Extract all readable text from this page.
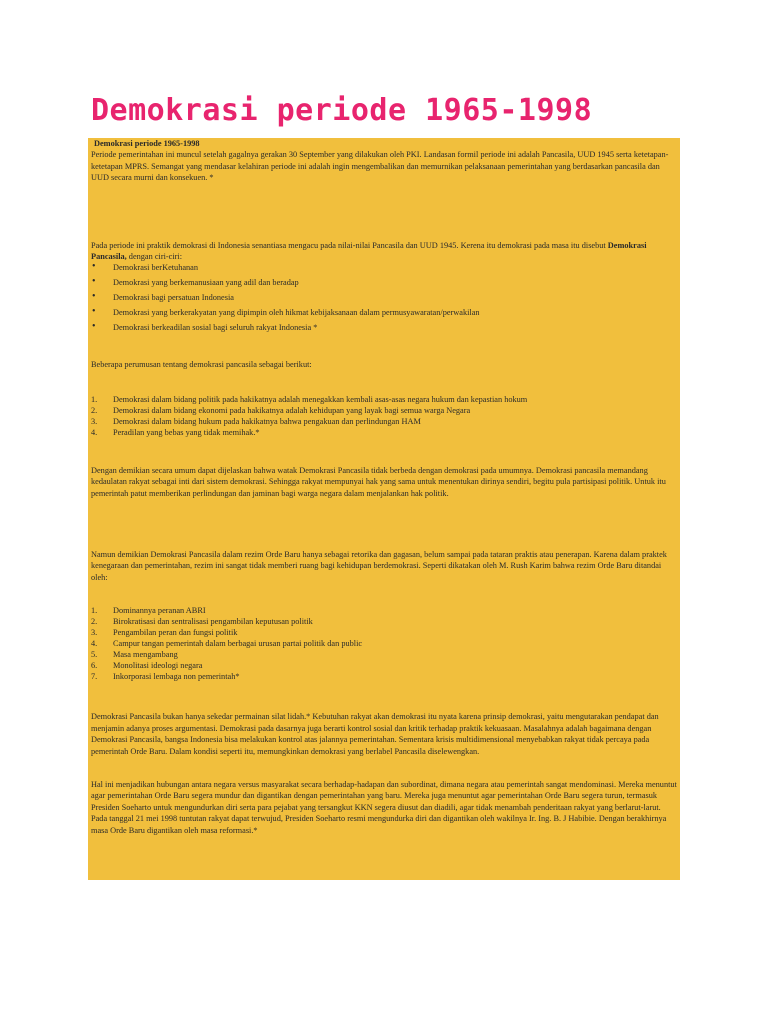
Demokrasi periode 1965-1998

Demokrasi periode 1965-1998

Periode pemerintahan ini muncul setelah gagalnya gerakan 30 September yang dilakukan oleh PKI. Landasan formil periode ini adalah Pancasila, UUD 1945 serta ketetapan-ketetapan MPRS. Semangat yang mendasar kelahiran periode ini adalah ingin mengembalikan dan memurnikan pelaksanaan pemerintahan yang berdasarkan pancasila dan UUD secara murni dan konsekuen. *

Pada periode ini praktik demokrasi di Indonesia senantiasa mengacu pada nilai-nilai Pancasila dan UUD 1945. Kerena itu demokrasi pada masa itu disebut Demokrasi Pancasila, dengan ciri-ciri:

• Demokrasi berKetuhanan
• Demokrasi yang berkemanusiaan yang adil dan beradap
• Demokrasi bagi persatuan Indonesia
• Demokrasi yang berkerakyatan yang dipimpin oleh hikmat kebijaksanaan dalam permusyawaratan/perwakilan
• Demokrasi berkeadilan sosial bagi seluruh rakyat Indonesia *

Beberapa perumusan tentang demokrasi pancasila sebagai berikut:

1. Demokrasi dalam bidang politik pada hakikatnya adalah menegakkan kembali asas-asas negara hukum dan kepastian hokum
2. Demokrasi dalam bidang ekonomi pada hakikatnya adalah kehidupan yang layak bagi semua warga Negara
3. Demokrasi dalam bidang hukum pada hakikatnya bahwa pengakuan dan perlindungan HAM
4. Peradilan yang bebas yang tidak memihak.*

Dengan demikian secara umum dapat dijelaskan bahwa watak Demokrasi Pancasila tidak berbeda dengan demokrasi pada umumnya. Demokrasi pancasila memandang kedaulatan rakyat sebagai inti dari sistem demokrasi. Sehingga rakyat mempunyai hak yang sama untuk menentukan dirinya sendiri, begitu pula partisipasi politik. Untuk itu pemerintah patut memberikan perlindungan dan jaminan bagi warga negara dalam menjalankan hak politik.

Namun demikian Demokrasi Pancasila dalam rezim Orde Baru hanya sebagai retorika dan gagasan, belum sampai pada tataran praktis atau penerapan. Karena dalam praktek kenegaraan dan pemerintahan, rezim ini sangat tidak memberi ruang bagi kehidupan berdemokrasi. Seperti dikatakan oleh M. Rush Karim bahwa rezim Orde Baru ditandai oleh:

1. Dominannya peranan ABRI
2. Birokratisasi dan sentralisasi pengambilan keputusan politik
3. Pengambilan peran dan fungsi politik
4. Campur tangan pemerintah dalam berbagai urusan partai politik dan public
5. Masa mengambang
6. Monolitasi ideologi negara
7. Inkorporasi lembaga non pemerintah*

Demokrasi Pancasila bukan hanya sekedar permainan silat lidah.* Kebutuhan rakyat akan demokrasi itu nyata karena prinsip demokrasi, yaitu mengutarakan pendapat dan menjamin adanya proses argumentasi. Demokrasi pada dasarnya juga berarti kontrol sosial dan kritik terhadap praktik kekuasaan. Masalahnya adalah bagaimana dengan Demokrasi Pancasila, bangsa Indonesia bisa melakukan kontrol atas jalannya pemerintahan. Sementara krisis multidimensional menyebabkan rakyat tidak percaya pada pemerintah Orde Baru. Dalam kondisi seperti itu, memungkinkan demokrasi yang berlabel Pancasila diselewengkan.

Hal ini menjadikan hubungan antara negara versus masyarakat secara berhadap-hadapan dan subordinat, dimana negara atau pemerintah sangat mendominasi. Mereka menuntut agar pemerintahan Orde Baru segera mundur dan digantikan dengan pemerintahan yang baru. Mereka juga menuntut agar pemerintahan Orde Baru segera turun, termasuk Presiden Soeharto untuk mengundurkan diri serta para pejabat yang tersangkut KKN segera diusut dan diadili, agar tidak menambah penderitaan rakyat yang berlarut-larut. Pada tanggal 21 mei 1998 tuntutan rakyat dapat terwujud, Presiden Soeharto resmi mengundurka diri dan digantikan oleh wakilnya Ir. Ing. B. J Habibie. Dengan berakhirnya masa Orde Baru digantikan oleh masa reformasi.*
